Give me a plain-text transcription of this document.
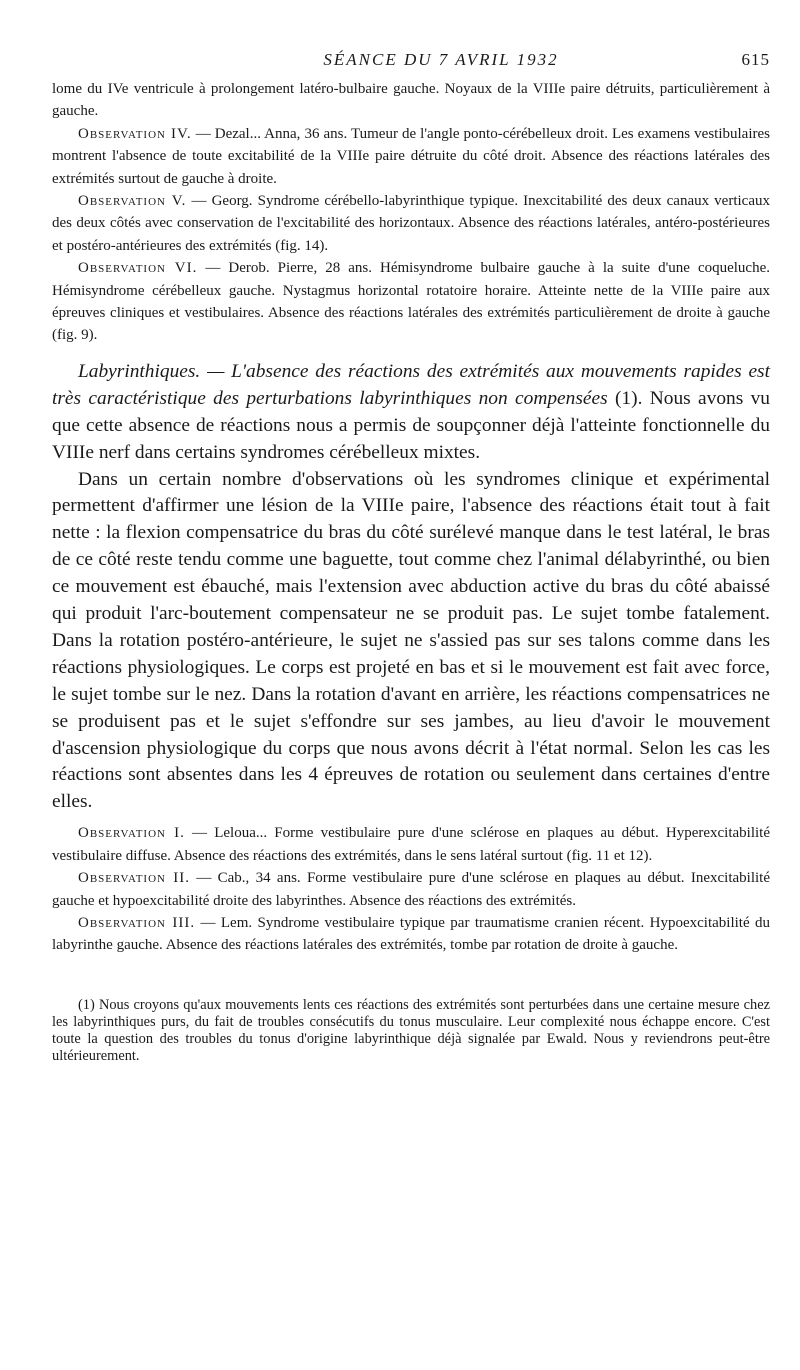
SÉANCE DU 7 AVRIL 1932	615

lome du IVe ventricule à prolongement latéro-bulbaire gauche. Noyaux de la VIIIe paire détruits, particulièrement à gauche.

Observation IV. — Dezal... Anna, 36 ans. Tumeur de l'angle ponto-cérébelleux droit. Les examens vestibulaires montrent l'absence de toute excitabilité de la VIIIe paire détruite du côté droit. Absence des réactions latérales des extrémités surtout de gauche à droite.

Observation V. — Georg. Syndrome cérébello-labyrinthique typique. Inexcitabilité des deux canaux verticaux des deux côtés avec conservation de l'excitabilité des horizontaux. Absence des réactions latérales, antéro-postérieures et postéro-antérieures des extrémités (fig. 14).

Observation VI. — Derob. Pierre, 28 ans. Hémisyndrome bulbaire gauche à la suite d'une coqueluche. Hémisyndrome cérébelleux gauche. Nystagmus horizontal rotatoire horaire. Atteinte nette de la VIIIe paire aux épreuves cliniques et vestibulaires. Absence des réactions latérales des extrémités particulièrement de droite à gauche (fig. 9).

Labyrinthiques. — L'absence des réactions des extrémités aux mouvements rapides est très caractéristique des perturbations labyrinthiques non compensées (1). Nous avons vu que cette absence de réactions nous a permis de soupçonner déjà l'atteinte fonctionnelle du VIIIe nerf dans certains syndromes cérébelleux mixtes.

Dans un certain nombre d'observations où les syndromes clinique et expérimental permettent d'affirmer une lésion de la VIIIe paire, l'absence des réactions était tout à fait nette : la flexion compensatrice du bras du côté surélevé manque dans le test latéral, le bras de ce côté reste tendu comme une baguette, tout comme chez l'animal délabyrinthé, ou bien ce mouvement est ébauché, mais l'extension avec abduction active du bras du côté abaissé qui produit l'arc-boutement compensateur ne se produit pas. Le sujet tombe fatalement. Dans la rotation postéro-antérieure, le sujet ne s'assied pas sur ses talons comme dans les réactions physiologiques. Le corps est projeté en bas et si le mouvement est fait avec force, le sujet tombe sur le nez. Dans la rotation d'avant en arrière, les réactions compensatrices ne se produisent pas et le sujet s'effondre sur ses jambes, au lieu d'avoir le mouvement d'ascension physiologique du corps que nous avons décrit à l'état normal. Selon les cas les réactions sont absentes dans les 4 épreuves de rotation ou seulement dans certaines d'entre elles.

Observation I. — Leloua... Forme vestibulaire pure d'une sclérose en plaques au début. Hyperexcitabilité vestibulaire diffuse. Absence des réactions des extrémités, dans le sens latéral surtout (fig. 11 et 12).

Observation II. — Cab., 34 ans. Forme vestibulaire pure d'une sclérose en plaques au début. Inexcitabilité gauche et hypoexcitabilité droite des labyrinthes. Absence des réactions des extrémités.

Observation III. — Lem. Syndrome vestibulaire typique par traumatisme cranien récent. Hypoexcitabilité du labyrinthe gauche. Absence des réactions latérales des extrémités, tombe par rotation de droite à gauche.

(1) Nous croyons qu'aux mouvements lents ces réactions des extrémités sont perturbées dans une certaine mesure chez les labyrinthiques purs, du fait de troubles consécutifs du tonus musculaire. Leur complexité nous échappe encore. C'est toute la question des troubles du tonus d'origine labyrinthique déjà signalée par Ewald. Nous y reviendrons peut-être ultérieurement.
